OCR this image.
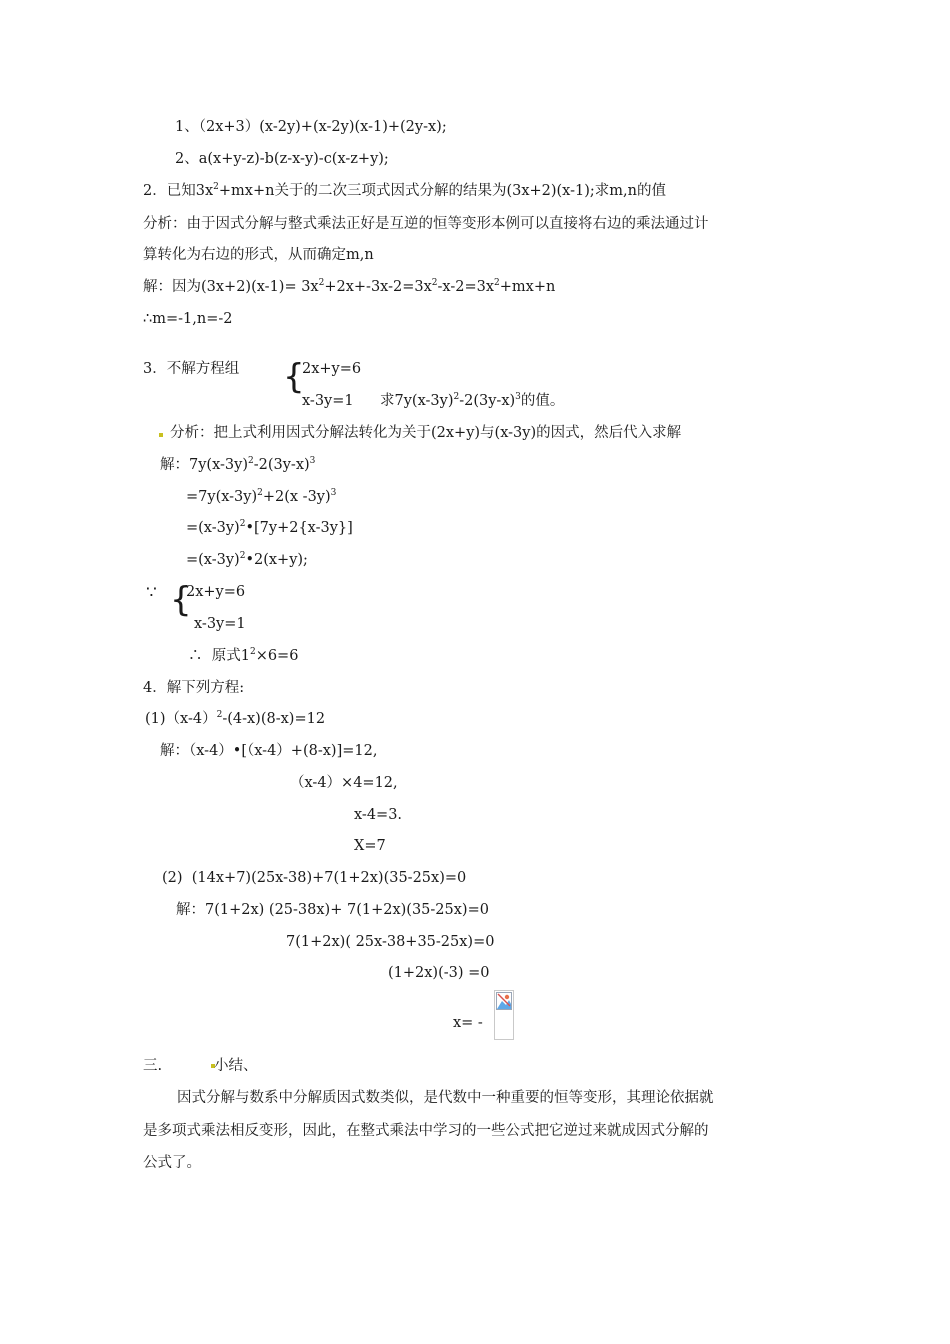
1、（2x+3）(x-2y)+(x-2y)(x-1)+(2y-x);
2、a(x+y-z)-b(z-x-y)-c(x-z+y);
2．已知$3x^2+mx+n$关于的二次三项式因式分解的结果为(3x+2)(x-1);求m,n的值
分析：由于因式分解与整式乘法正好是互逆的恒等变形本例可以直接将右边的乘法通过计
算转化为右边的形式，从而确定m,n
解：因为$(3x+2)(x-1)= 3x^2+2x+-3x-2=3x^2-x-2=3x^2+mx+n$
∴m=-1,n=-2
3．不解方程组 {
2x+y=6
x-3y=1 求$7y(x-3y)^2-2(3y-x)^3$的值。
分析：把上式利用因式分解法转化为关于(2x+y)与(x-3y)的因式，然后代入求解
解：$7y(x-3y)^2-2(3y-x)^3$
$=7y(x-3y)^2+2(x$ -3y)$^3$
$=(x-3y)^2•[7y+2\{x-3y\}]$
$=(x-3y)^2•2(x+y)$;
∵ {
2x+y=6
x-3y=1
∴  原式$1^2\times 6=6$
4．解下列方程:
$(1)(x-4)^2-(4-x)(8-x)=12$
解：（x-4）•[（x-4）+(8-x)]=12,
（x-4）×4=12,
x-4=3.
X=7
(2)  (14x+7)(25x-38)+7(1+2x)(35-25x)=0
解：7(1+2x) (25-38x)+ 7(1+2x)(35-25x)=0
7(1+2x)( 25x-38+35-25x)=0
(1+2x)(-3) =0
x= -
三.	小结、
因式分解与数系中分解质因式数类似，是代数中一种重要的恒等变形，其理论依据就
是多项式乘法相反变形，因此，在整式乘法中学习的一些公式把它逆过来就成因式分解的
公式了。
